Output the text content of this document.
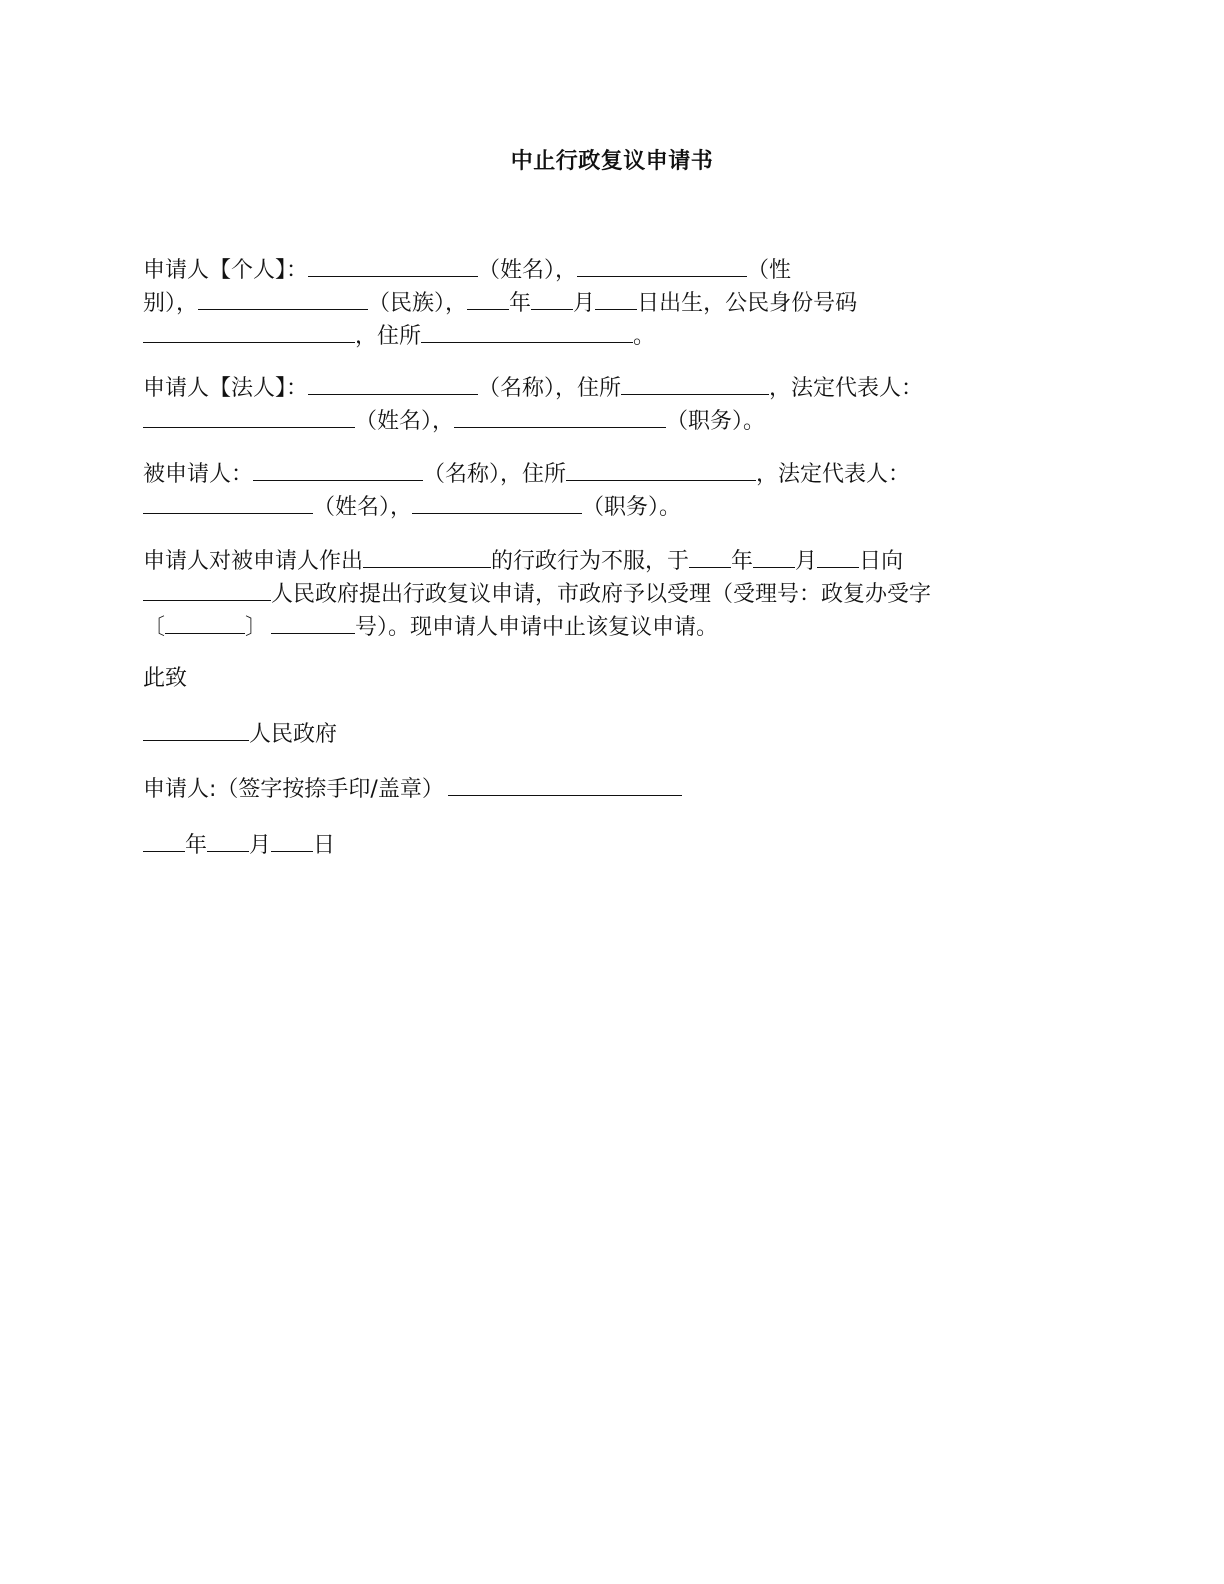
中止行政复议申请书
申请人【个人】：	（姓名），	（性
别），	（民族）， 年 月 日出生，公民身份号码
，住所	。
申请人【法人】：	（名称），住所	，法定代表人：
（姓名），	（职务）。
被申请人：	（名称），住所	，法定代表人：
（姓名），	（职务）。
申请人对被申请人作出	的行政行为不服，于 年 月 日向
人民政府提出行政复议申请，市政府予以受理（受理号：政复办受字
〔	〕	号）。现申请人申请中止该复议申请。
此致
人民政府
申请人:（签字按捺手印/盖章）
年 月 日
